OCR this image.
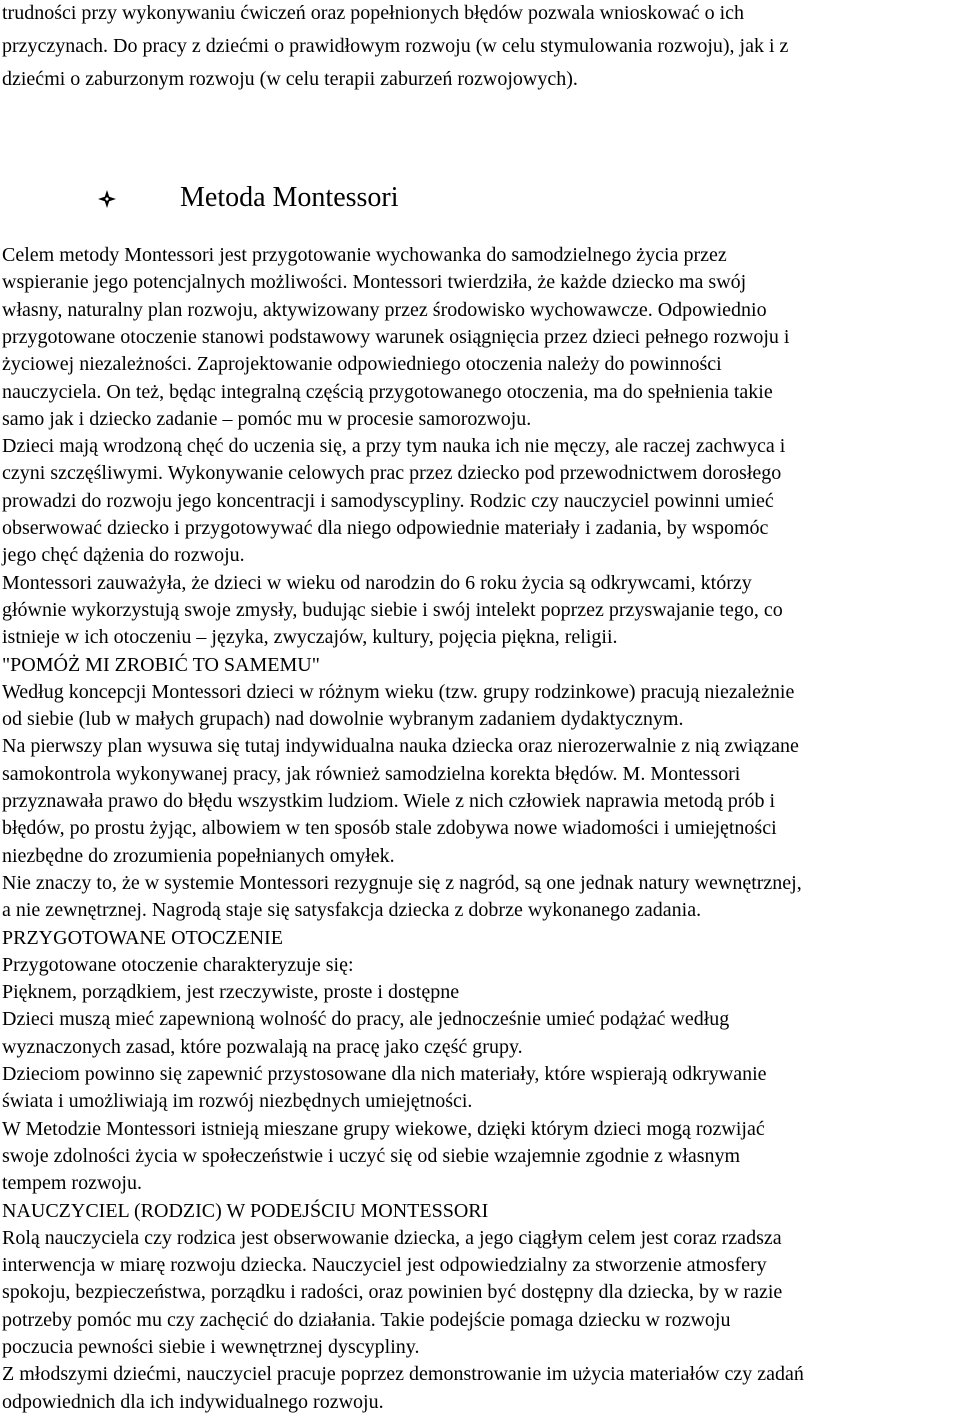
trudności przy wykonywaniu ćwiczeń oraz popełnionych błędów pozwala wnioskować o ich
przyczynach. Do pracy z dziećmi o prawidłowym rozwoju (w celu stymulowania rozwoju), jak i z
dziećmi o zaburzonym rozwoju (w celu terapii zaburzeń rozwojowych).
Metoda Montessori
Celem metody Montessori jest przygotowanie wychowanka do samodzielnego życia przez
wspieranie jego potencjalnych możliwości. Montessori twierdziła, że każde dziecko ma swój
własny, naturalny plan rozwoju, aktywizowany przez środowisko wychowawcze. Odpowiednio
przygotowane otoczenie stanowi podstawowy warunek osiągnięcia przez dzieci pełnego rozwoju i
życiowej niezależności. Zaprojektowanie odpowiedniego otoczenia należy do powinności
nauczyciela. On też, będąc integralną częścią przygotowanego otoczenia, ma do spełnienia takie
samo jak i dziecko zadanie – pomóc mu w procesie samorozwoju.
Dzieci mają wrodzoną chęć do uczenia się, a przy tym nauka ich nie męczy, ale raczej zachwyca i
czyni szczęśliwymi. Wykonywanie celowych prac przez dziecko pod przewodnictwem dorosłego
prowadzi do rozwoju jego koncentracji i samodyscypliny. Rodzic czy nauczyciel powinni umieć
obserwować dziecko i przygotowywać dla niego odpowiednie materiały i zadania, by wspomóc
jego chęć dążenia do rozwoju.
Montessori zauważyła, że dzieci w wieku od narodzin do 6 roku życia są odkrywcami, którzy
głównie wykorzystują swoje zmysły, budując siebie i swój intelekt poprzez przyswajanie tego, co
istnieje w ich otoczeniu – języka, zwyczajów, kultury, pojęcia piękna, religii.
"POMÓŻ MI ZROBIĆ TO SAMEMU"
Według koncepcji Montessori dzieci w różnym wieku (tzw. grupy rodzinkowe) pracują niezależnie
od siebie (lub w małych grupach) nad dowolnie wybranym zadaniem dydaktycznym.
Na pierwszy plan wysuwa się tutaj indywidualna nauka dziecka oraz nierozerwalnie z nią związane
samokontrola wykonywanej pracy, jak również samodzielna korekta błędów. M. Montessori
przyznawała prawo do błędu wszystkim ludziom. Wiele z nich człowiek naprawia metodą prób i
błędów, po prostu żyjąc, albowiem w ten sposób stale zdobywa nowe wiadomości i umiejętności
niezbędne do zrozumienia popełnianych omyłek.
Nie znaczy to, że w systemie Montessori rezygnuje się z nagród, są one jednak natury wewnętrznej,
a nie zewnętrznej. Nagrodą staje się satysfakcja dziecka z dobrze wykonanego zadania.
PRZYGOTOWANE OTOCZENIE
Przygotowane otoczenie charakteryzuje się:
Pięknem, porządkiem, jest rzeczywiste, proste i dostępne
Dzieci muszą mieć zapewnioną wolność do pracy, ale jednocześnie umieć podążać według
wyznaczonych zasad, które pozwalają na pracę jako część grupy.
Dzieciom powinno się zapewnić przystosowane dla nich materiały, które wspierają odkrywanie
świata i umożliwiają im rozwój niezbędnych umiejętności.
W Metodzie Montessori istnieją mieszane grupy wiekowe, dzięki którym dzieci mogą rozwijać
swoje zdolności życia w społeczeństwie i uczyć się od siebie wzajemnie zgodnie z własnym
tempem rozwoju.
NAUCZYCIEL (RODZIC) W PODEJŚCIU MONTESSORI
Rolą nauczyciela czy rodzica jest obserwowanie dziecka, a jego ciągłym celem jest coraz rzadsza
interwencja w miarę rozwoju dziecka. Nauczyciel jest odpowiedzialny za stworzenie atmosfery
spokoju, bezpieczeństwa, porządku i radości, oraz powinien być dostępny dla dziecka, by w razie
potrzeby pomóc mu czy zachęcić do działania. Takie podejście pomaga dziecku w rozwoju
poczucia pewności siebie i wewnętrznej dyscypliny.
Z młodszymi dziećmi, nauczyciel pracuje poprzez demonstrowanie im użycia materiałów czy zadań
odpowiednich dla ich indywidualnego rozwoju.
